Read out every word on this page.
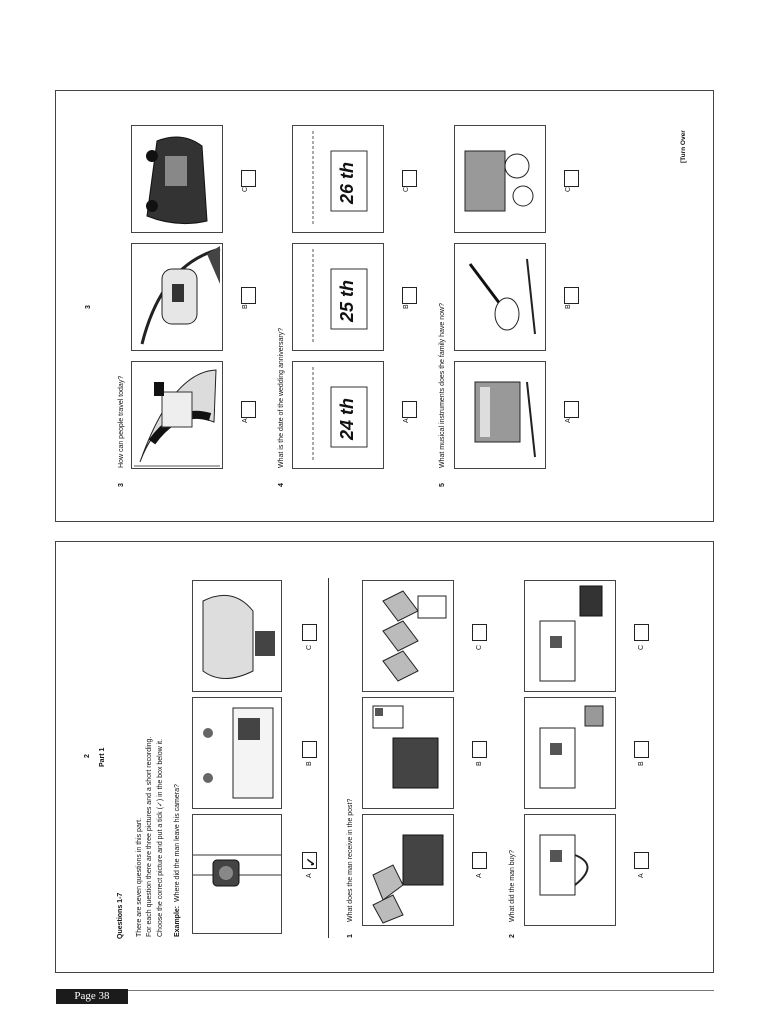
3
[Turn Over
3
How can people travel today?	A
B
C
4
What is the date of the wedding anniversary?	24 th
25 th
26 th
A
B
C
5
What musical instruments does the family have now?	A
B
C
2 Part 1
Questions 1-7 There are seven questions in this part. For each question there are three pictures and a short recording. Choose the correct picture and put a tick (✓) in the box below it. Example:
Where did the man leave his camera?	A
✓
B
C
1
What does the man receive in the post?	A
B
C
2
What did the man buy?	A
B
C
Page 38
